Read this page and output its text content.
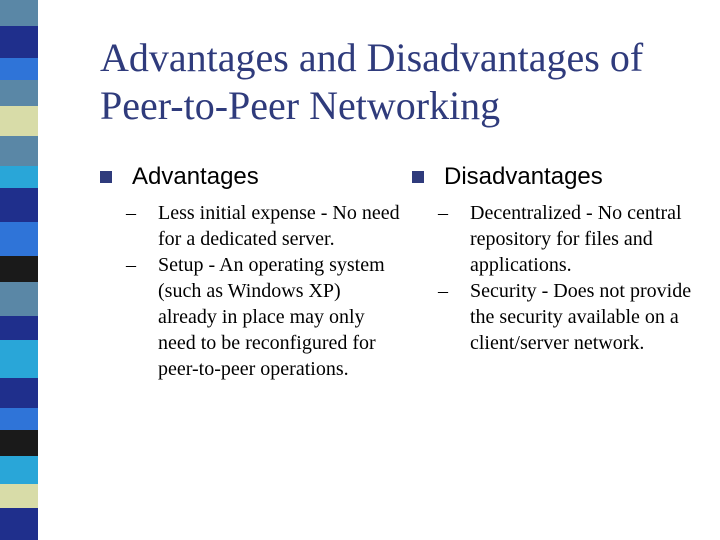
Advantages and Disadvantages of
Peer-to-Peer Networking
Advantages
– Less initial expense - No need for a dedicated server.
– Setup - An operating system (such as Windows XP) already in place may only need to be reconfigured for peer-to-peer operations.
Disadvantages
– Decentralized - No central repository for files and applications.
– Security - Does not provide the security available on a client/server network.
